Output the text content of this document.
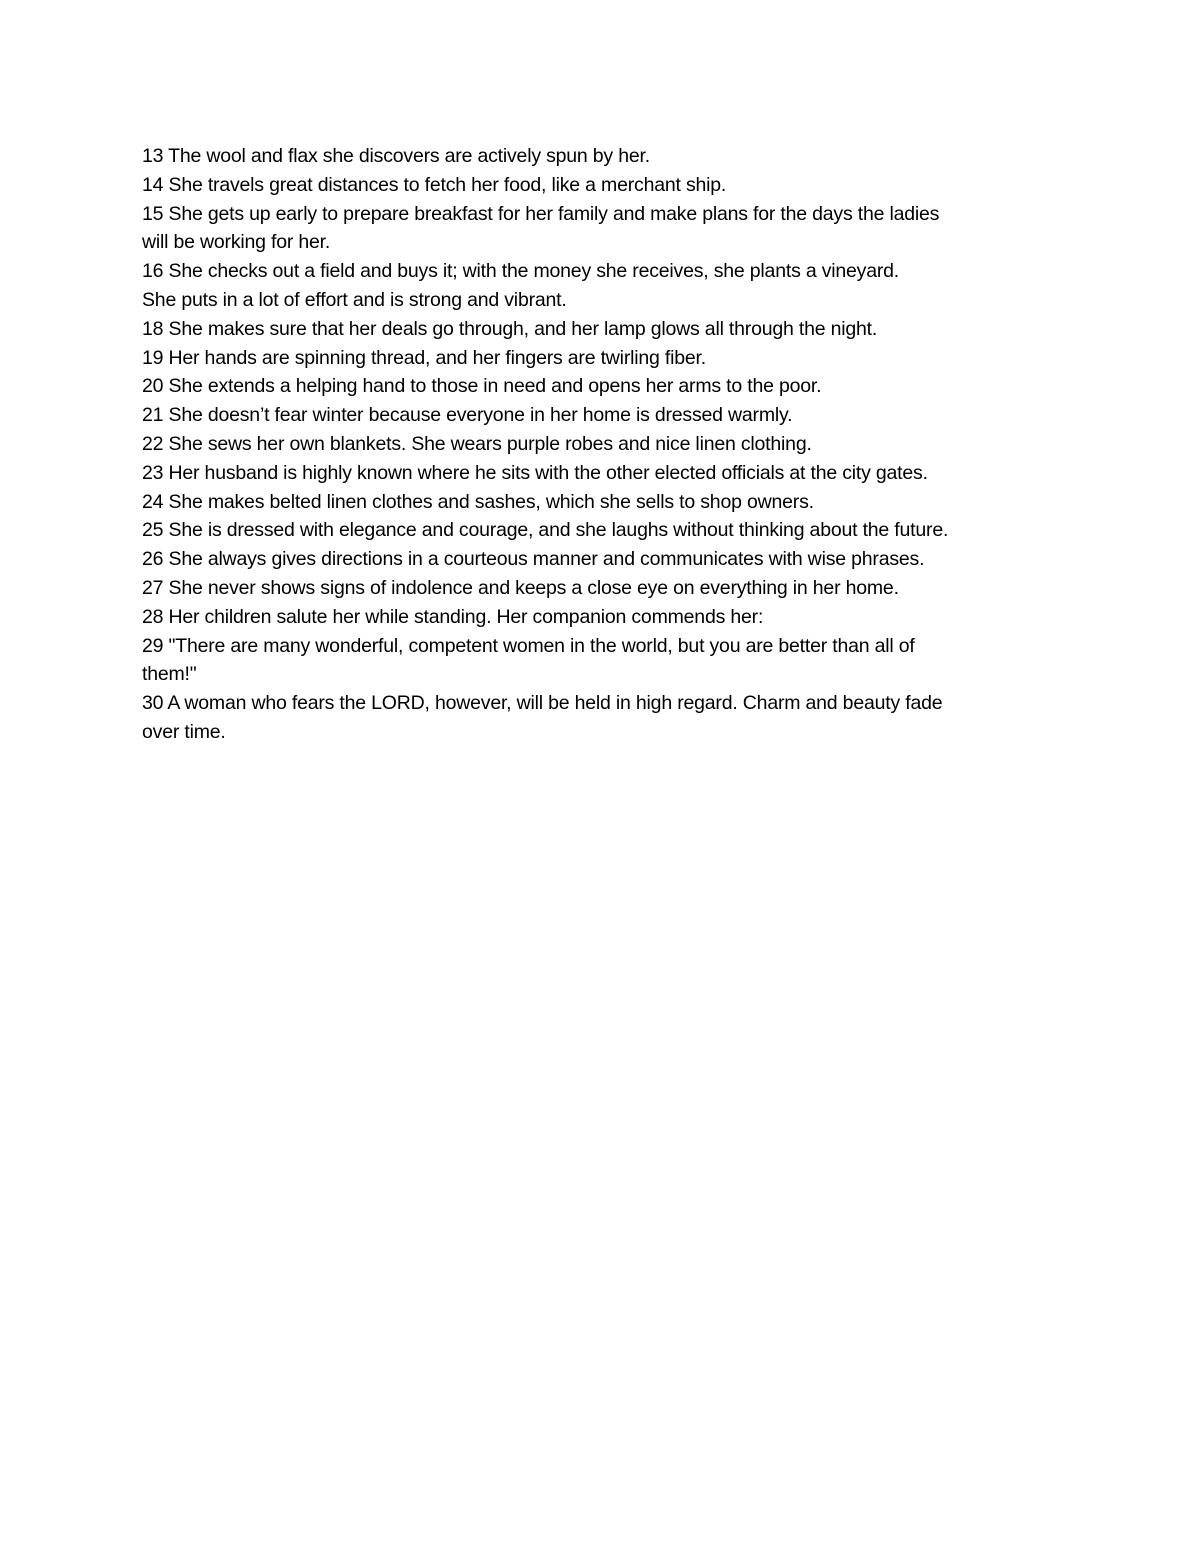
13 The wool and flax she discovers are actively spun by her.

14 She travels great distances to fetch her food, like a merchant ship.

15 She gets up early to prepare breakfast for her family and make plans for the days the ladies

will be working for her.

16 She checks out a field and buys it; with the money she receives, she plants a vineyard.

She puts in a lot of effort and is strong and vibrant.

18 She makes sure that her deals go through, and her lamp glows all through the night.

19 Her hands are spinning thread, and her fingers are twirling fiber.

20 She extends a helping hand to those in need and opens her arms to the poor.

21 She doesn’t fear winter because everyone in her home is dressed warmly.

22 She sews her own blankets. She wears purple robes and nice linen clothing.

23 Her husband is highly known where he sits with the other elected officials at the city gates.

24 She makes belted linen clothes and sashes, which she sells to shop owners.

25 She is dressed with elegance and courage, and she laughs without thinking about the future.

26 She always gives directions in a courteous manner and communicates with wise phrases.

27 She never shows signs of indolence and keeps a close eye on everything in her home.

28 Her children salute her while standing. Her companion commends her:

29 "There are many wonderful, competent women in the world, but you are better than all of

them!"

30 A woman who fears the LORD, however, will be held in high regard. Charm and beauty fade

over time.
